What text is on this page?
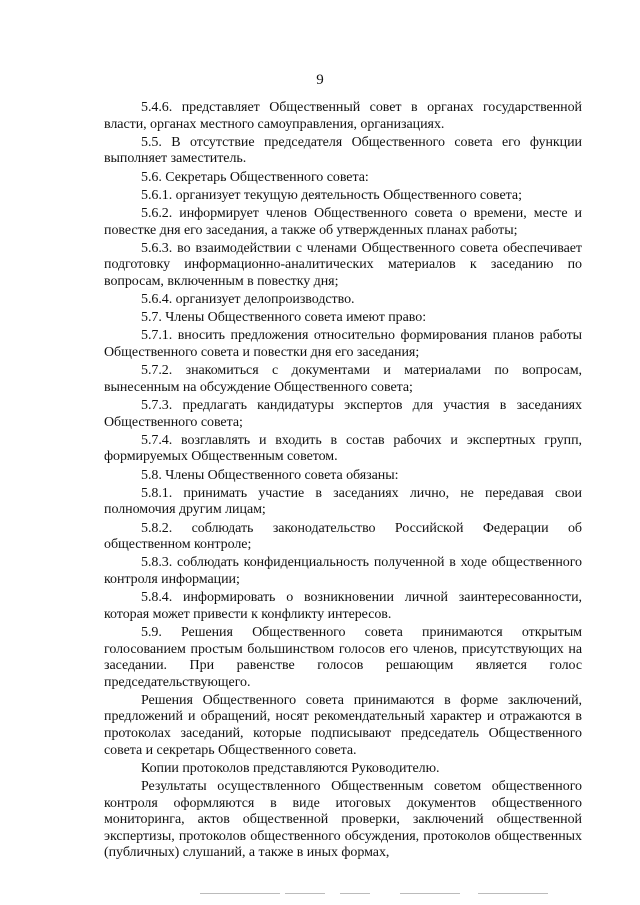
9

5.4.6. представляет Общественный совет в органах государственной власти, органах местного самоуправления, организациях.

5.5. В отсутствие председателя Общественного совета его функции выполняет заместитель.

5.6. Секретарь Общественного совета:

5.6.1. организует текущую деятельность Общественного совета;

5.6.2. информирует членов Общественного совета о времени, месте и повестке дня его заседания, а также об утвержденных планах работы;

5.6.3. во взаимодействии с членами Общественного совета обеспечивает подготовку информационно-аналитических материалов к заседанию по вопросам, включенным в повестку дня;

5.6.4. организует делопроизводство.

5.7. Члены Общественного совета имеют право:

5.7.1. вносить предложения относительно формирования планов работы Общественного совета и повестки дня его заседания;

5.7.2. знакомиться с документами и материалами по вопросам, вынесенным на обсуждение Общественного совета;

5.7.3. предлагать кандидатуры экспертов для участия в заседаниях Общественного совета;

5.7.4. возглавлять и входить в состав рабочих и экспертных групп, формируемых Общественным советом.

5.8. Члены Общественного совета обязаны:

5.8.1. принимать участие в заседаниях лично, не передавая свои полномочия другим лицам;

5.8.2. соблюдать законодательство Российской Федерации об общественном контроле;

5.8.3. соблюдать конфиденциальность полученной в ходе общественного контроля информации;

5.8.4. информировать о возникновении личной заинтересованности, которая может привести к конфликту интересов.

5.9. Решения Общественного совета принимаются открытым голосованием простым большинством голосов его членов, присутствующих на заседании. При равенстве голосов решающим является голос председательствующего.

Решения Общественного совета принимаются в форме заключений, предложений и обращений, носят рекомендательный характер и отражаются в протоколах заседаний, которые подписывают председатель Общественного совета и секретарь Общественного совета.

Копии протоколов представляются Руководителю.

Результаты осуществленного Общественным советом общественного контроля оформляются в виде итоговых документов общественного мониторинга, актов общественной проверки, заключений общественной экспертизы, протоколов общественного обсуждения, протоколов общественных (публичных) слушаний, а также в иных формах,
